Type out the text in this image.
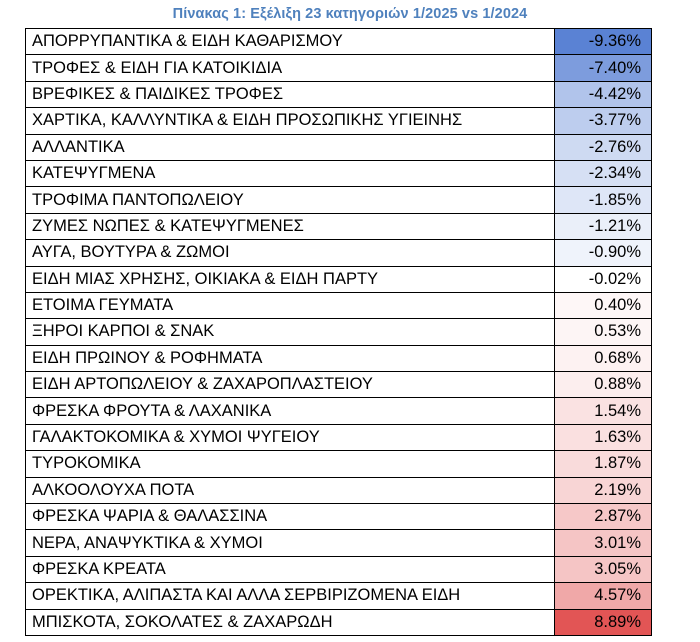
Πίνακας 1: Εξέλιξη 23 κατηγοριών 1/2025 vs 1/2024
ΑΠΟΡΡΥΠΑΝΤΙΚΑ & ΕΙΔΗ ΚΑΘΑΡΙΣΜΟΥ	-9.36%
ΤΡΟΦΕΣ & ΕΙΔΗ ΓΙΑ ΚΑΤΟΙΚΙΔΙΑ	-7.40%
ΒΡΕΦΙΚΕΣ & ΠΑΙΔΙΚΕΣ ΤΡΟΦΕΣ	-4.42%
ΧΑΡΤΙΚΑ, ΚΑΛΛΥΝΤΙΚΑ & ΕΙΔΗ ΠΡΟΣΩΠΙΚΗΣ ΥΓΙΕΙΝΗΣ	-3.77%
ΑΛΛΑΝΤΙΚΑ	-2.76%
ΚΑΤΕΨΥΓΜΕΝΑ	-2.34%
ΤΡΟΦΙΜΑ ΠΑΝΤΟΠΩΛΕΙΟΥ	-1.85%
ΖΥΜΕΣ ΝΩΠΕΣ & ΚΑΤΕΨΥΓΜΕΝΕΣ	-1.21%
ΑΥΓΑ, ΒΟΥΤΥΡΑ & ΖΩΜΟΙ	-0.90%
ΕΙΔΗ ΜΙΑΣ ΧΡΗΣΗΣ, ΟΙΚΙΑΚΑ & ΕΙΔΗ ΠΑΡΤΥ	-0.02%
ΕΤΟΙΜΑ ΓΕΥΜΑΤΑ	0.40%
ΞΗΡΟΙ ΚΑΡΠΟΙ & ΣΝΑΚ	0.53%
ΕΙΔΗ ΠΡΩΙΝΟΥ & ΡΟΦΗΜΑΤΑ	0.68%
ΕΙΔΗ ΑΡΤΟΠΩΛΕΙΟΥ & ΖΑΧΑΡΟΠΛΑΣΤΕΙΟΥ	0.88%
ΦΡΕΣΚΑ ΦΡΟΥΤΑ & ΛΑΧΑΝΙΚΑ	1.54%
ΓΑΛΑΚΤΟΚΟΜΙΚΑ & ΧΥΜΟΙ ΨΥΓΕΙΟΥ	1.63%
ΤΥΡΟΚΟΜΙΚΑ	1.87%
ΑΛΚΟΟΛΟΥΧΑ ΠΟΤΑ	2.19%
ΦΡΕΣΚΑ ΨΑΡΙΑ & ΘΑΛΑΣΣΙΝΑ	2.87%
ΝΕΡΑ, ΑΝΑΨΥΚΤΙΚΑ & ΧΥΜΟΙ	3.01%
ΦΡΕΣΚΑ ΚΡΕΑΤΑ	3.05%
ΟΡΕΚΤΙΚΑ, ΑΛΙΠΑΣΤΑ ΚΑΙ ΑΛΛΑ ΣΕΡΒΙΡΙΖΟΜΕΝΑ ΕΙΔΗ	4.57%
ΜΠΙΣΚΟΤΑ, ΣΟΚΟΛΑΤΕΣ & ΖΑΧΑΡΩΔΗ	8.89%
